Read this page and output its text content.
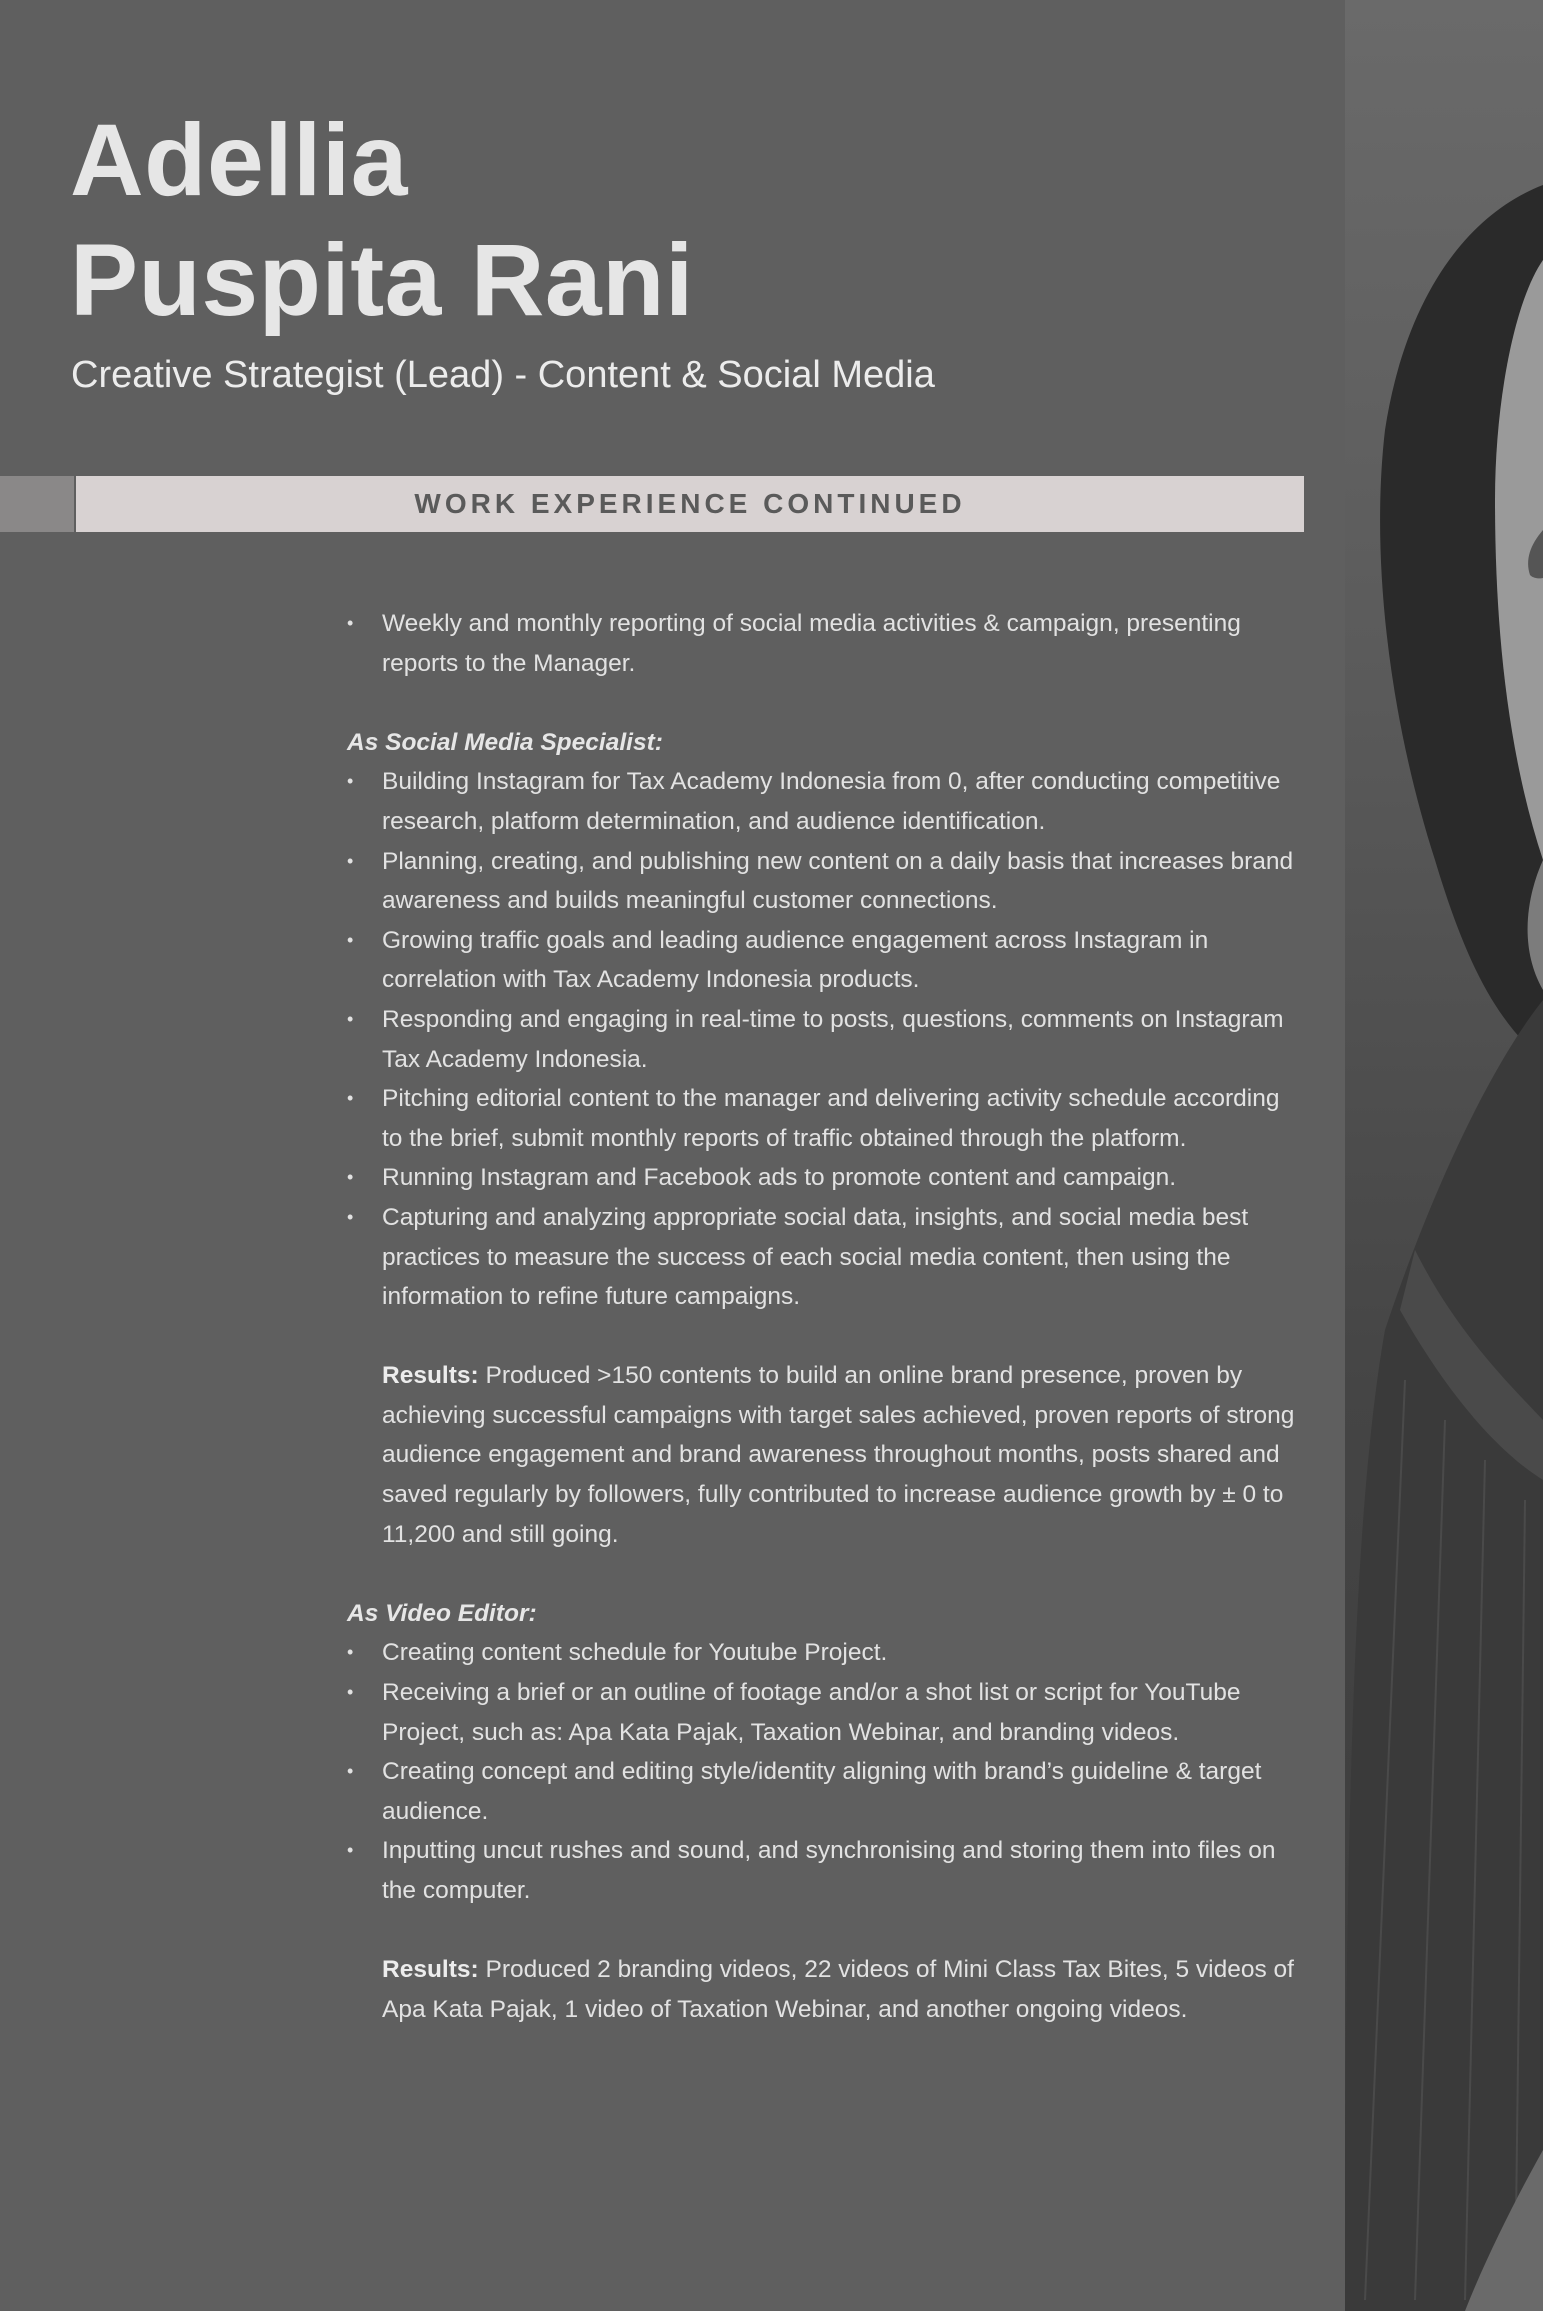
Adellia
Puspita Rani

Creative Strategist (Lead) - Content & Social Media

WORK EXPERIENCE CONTINUED
• Weekly and monthly reporting of social media activities & campaign, presenting reports to the Manager.
As Social Media Specialist:
• Building Instagram for Tax Academy Indonesia from 0, after conducting competitive research, platform determination, and audience identification.
• Planning, creating, and publishing new content on a daily basis that increases brand awareness and builds meaningful customer connections.
• Growing traffic goals and leading audience engagement across Instagram in correlation with Tax Academy Indonesia products.
• Responding and engaging in real-time to posts, questions, comments on Instagram Tax Academy Indonesia.
• Pitching editorial content to the manager and delivering activity schedule according to the brief, submit monthly reports of traffic obtained through the platform.
• Running Instagram and Facebook ads to promote content and campaign.
• Capturing and analyzing appropriate social data, insights, and social media best practices to measure the success of each social media content, then using the information to refine future campaigns.
Results: Produced >150 contents to build an online brand presence, proven by achieving successful campaigns with target sales achieved, proven reports of strong audience engagement and brand awareness throughout months, posts shared and saved regularly by followers, fully contributed to increase audience growth by ± 0 to 11,200 and still going.
As Video Editor:
• Creating content schedule for Youtube Project.
• Receiving a brief or an outline of footage and/or a shot list or script for YouTube Project, such as: Apa Kata Pajak, Taxation Webinar, and branding videos.
• Creating concept and editing style/identity aligning with brand’s guideline & target audience.
• Inputting uncut rushes and sound, and synchronising and storing them into files on the computer.
Results: Produced 2 branding videos, 22 videos of Mini Class Tax Bites, 5 videos of Apa Kata Pajak, 1 video of Taxation Webinar, and another ongoing videos.
